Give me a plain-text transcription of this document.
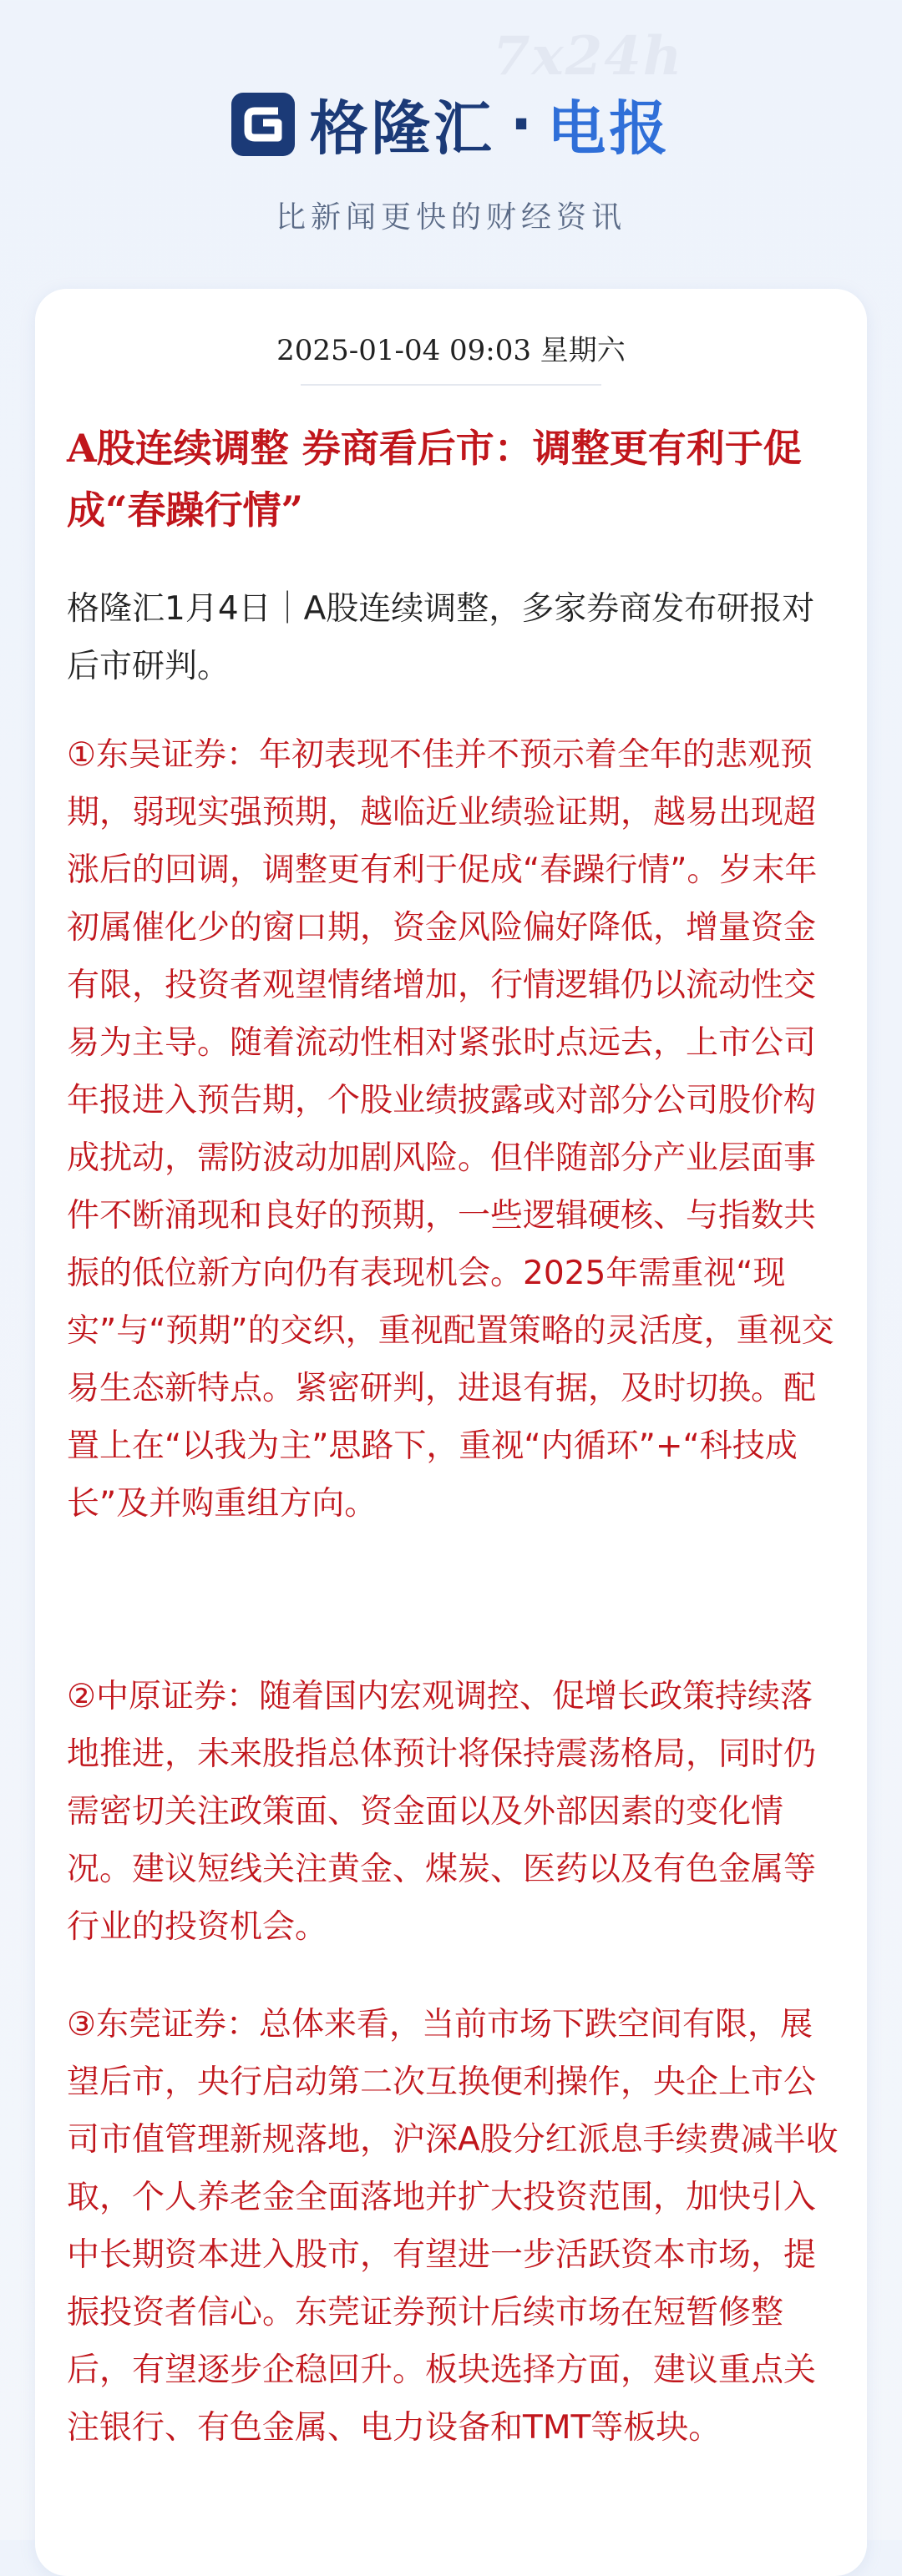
7x24h
格隆汇 · 电报
比新闻更快的财经资讯
2025-01-04 09:03 星期六
A股连续调整 券商看后市：调整更有利于促成“春躁行情”
格隆汇1月4日｜A股连续调整，多家券商发布研报对后市研判。
①东吴证券：年初表现不佳并不预示着全年的悲观预期，弱现实强预期，越临近业绩验证期，越易出现超涨后的回调，调整更有利于促成“春躁行情”。岁末年初属催化少的窗口期，资金风险偏好降低，增量资金有限，投资者观望情绪增加，行情逻辑仍以流动性交易为主导。随着流动性相对紧张时点远去，上市公司年报进入预告期，个股业绩披露或对部分公司股价构成扰动，需防波动加剧风险。但伴随部分产业层面事件不断涌现和良好的预期，一些逻辑硬核、与指数共振的低位新方向仍有表现机会。2025年需重视“现实”与“预期”的交织，重视配置策略的灵活度，重视交易生态新特点。紧密研判，进退有据，及时切换。配置上在“以我为主”思路下，重视“内循环”+“科技成长”及并购重组方向。
②中原证券：随着国内宏观调控、促增长政策持续落地推进，未来股指总体预计将保持震荡格局，同时仍需密切关注政策面、资金面以及外部因素的变化情况。建议短线关注黄金、煤炭、医药以及有色金属等行业的投资机会。
③东莞证券：总体来看，当前市场下跌空间有限，展望后市，央行启动第二次互换便利操作，央企上市公司市值管理新规落地，沪深A股分红派息手续费减半收取，个人养老金全面落地并扩大投资范围，加快引入中长期资本进入股市，有望进一步活跃资本市场，提振投资者信心。东莞证券预计后续市场在短暂修整后，有望逐步企稳回升。板块选择方面，建议重点关注银行、有色金属、电力设备和TMT等板块。
